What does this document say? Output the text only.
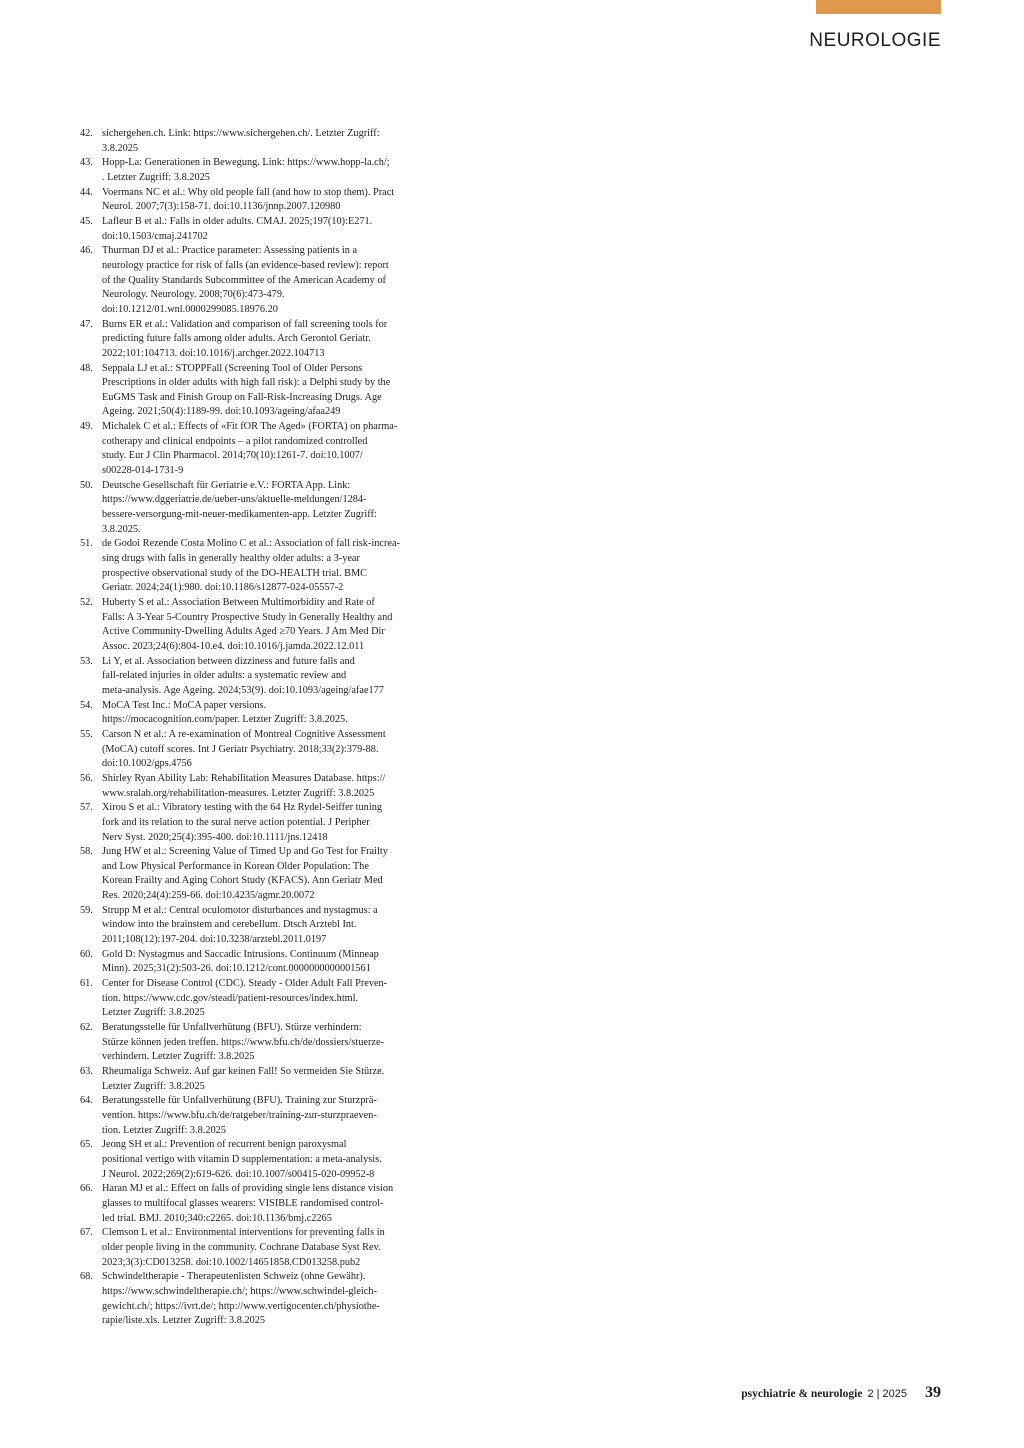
NEUROLOGIE
42. sichergehen.ch. Link: https://www.sichergehen.ch/. Letzter Zugriff:
3.8.2025
43. Hopp-La: Generationen in Bewegung. Link: https://www.hopp-la.ch/;
. Letzter Zugriff: 3.8.2025
44. Voermans NC et al.: Why old people fall (and how to stop them). Pract
Neurol. 2007;7(3):158-71. doi:10.1136/jnnp.2007.120980
45. Lafleur B et al.: Falls in older adults. CMAJ. 2025;197(10):E271.
doi:10.1503/cmaj.241702
46. Thurman DJ et al.: Practice parameter: Assessing patients in a
neurology practice for risk of falls (an evidence-based review): report
of the Quality Standards Subcommittee of the American Academy of
Neurology. Neurology. 2008;70(6):473-479.
doi:10.1212/01.wnl.0000299085.18976.20
47. Burns ER et al.: Validation and comparison of fall screening tools for
predicting future falls among older adults. Arch Gerontol Geriatr.
2022;101:104713. doi:10.1016/j.archger.2022.104713
48. Seppala LJ et al.: STOPPFall (Screening Tool of Older Persons
Prescriptions in older adults with high fall risk): a Delphi study by the
EuGMS Task and Finish Group on Fall-Risk-Increasing Drugs. Age
Ageing. 2021;50(4):1189-99. doi:10.1093/ageing/afaa249
49. Michalek C et al.: Effects of «Fit fOR The Aged» (FORTA) on pharma-
cotherapy and clinical endpoints – a pilot randomized controlled
study. Eur J Clin Pharmacol. 2014;70(10):1261-7. doi:10.1007/
s00228-014-1731-9
50. Deutsche Gesellschaft für Geriatrie e.V.: FORTA App. Link:
https://www.dggeriatrie.de/ueber-uns/aktuelle-meldungen/1284-
bessere-versorgung-mit-neuer-medikamenten-app. Letzter Zugriff:
3.8.2025.
51. de Godoi Rezende Costa Molino C et al.: Association of fall risk-increa-
sing drugs with falls in generally healthy older adults: a 3-year
prospective observational study of the DO-HEALTH trial. BMC
Geriatr. 2024;24(1):980. doi:10.1186/s12877-024-05557-2
52. Huberty S et al.: Association Between Multimorbidity and Rate of
Falls: A 3-Year 5-Country Prospective Study in Generally Healthy and
Active Community-Dwelling Adults Aged ≥70 Years. J Am Med Dir
Assoc. 2023;24(6):804-10.e4. doi:10.1016/j.jamda.2022.12.011
53. Li Y, et al. Association between dizziness and future falls and
fall-related injuries in older adults: a systematic review and
meta-analysis. Age Ageing. 2024;53(9). doi:10.1093/ageing/afae177
54. MoCA Test Inc.: MoCA paper versions.
https://mocacognition.com/paper. Letzter Zugriff: 3.8.2025.
55. Carson N et al.: A re-examination of Montreal Cognitive Assessment
(MoCA) cutoff scores. Int J Geriatr Psychiatry. 2018;33(2):379-88.
doi:10.1002/gps.4756
56. Shirley Ryan Ability Lab: Rehabilitation Measures Database. https://
www.sralab.org/rehabilitation-measures. Letzter Zugriff: 3.8.2025
57. Xirou S et al.: Vibratory testing with the 64 Hz Rydel-Seiffer tuning
fork and its relation to the sural nerve action potential. J Peripher
Nerv Syst. 2020;25(4):395-400. doi:10.1111/jns.12418
58. Jung HW et al.: Screening Value of Timed Up and Go Test for Frailty
and Low Physical Performance in Korean Older Population: The
Korean Frailty and Aging Cohort Study (KFACS). Ann Geriatr Med
Res. 2020;24(4):259-66. doi:10.4235/agmr.20.0072
59. Strupp M et al.: Central oculomotor disturbances and nystagmus: a
window into the brainstem and cerebellum. Dtsch Arztebl Int.
2011;108(12):197-204. doi:10.3238/arztebl.2011.0197
60. Gold D: Nystagmus and Saccadic Intrusions. Continuum (Minneap
Minn). 2025;31(2):503-26. doi:10.1212/cont.0000000000001561
61. Center for Disease Control (CDC). Steady - Older Adult Fall Preven-
tion. https://www.cdc.gov/steadi/patient-resources/index.html.
Letzter Zugriff: 3.8.2025
62. Beratungsstelle für Unfallverhütung (BFU). Stürze verhindern:
Stürze können jeden treffen. https://www.bfu.ch/de/dossiers/stuerze-
verhindern. Letzter Zugriff: 3.8.2025
63. Rheumaliga Schweiz. Auf gar keinen Fall! So vermeiden Sie Stürze.
Letzter Zugriff: 3.8.2025
64. Beratungsstelle für Unfallverhütung (BFU). Training zur Sturzprä-
vention. https://www.bfu.ch/de/ratgeber/training-zur-sturzpraeven-
tion. Letzter Zugriff: 3.8.2025
65. Jeong SH et al.: Prevention of recurrent benign paroxysmal
positional vertigo with vitamin D supplementation: a meta-analysis.
J Neurol. 2022;269(2):619-626. doi:10.1007/s00415-020-09952-8
66. Haran MJ et al.: Effect on falls of providing single lens distance vision
glasses to multifocal glasses wearers: VISIBLE randomised control-
led trial. BMJ. 2010;340:c2265. doi:10.1136/bmj.c2265
67. Clemson L et al.: Environmental interventions for preventing falls in
older people living in the community. Cochrane Database Syst Rev.
2023;3(3):CD013258. doi:10.1002/14651858.CD013258.pub2
68. Schwindeltherapie - Therapeutenlisten Schweiz (ohne Gewähr).
https://www.schwindeltherapie.ch/; https://www.schwindel-gleich-
gewicht.ch/; https://ivrt.de/; http://www.vertigocenter.ch/physiothe-
rapie/liste.xls. Letzter Zugriff: 3.8.2025
psychiatrie & neurologie 2 | 2025 39
